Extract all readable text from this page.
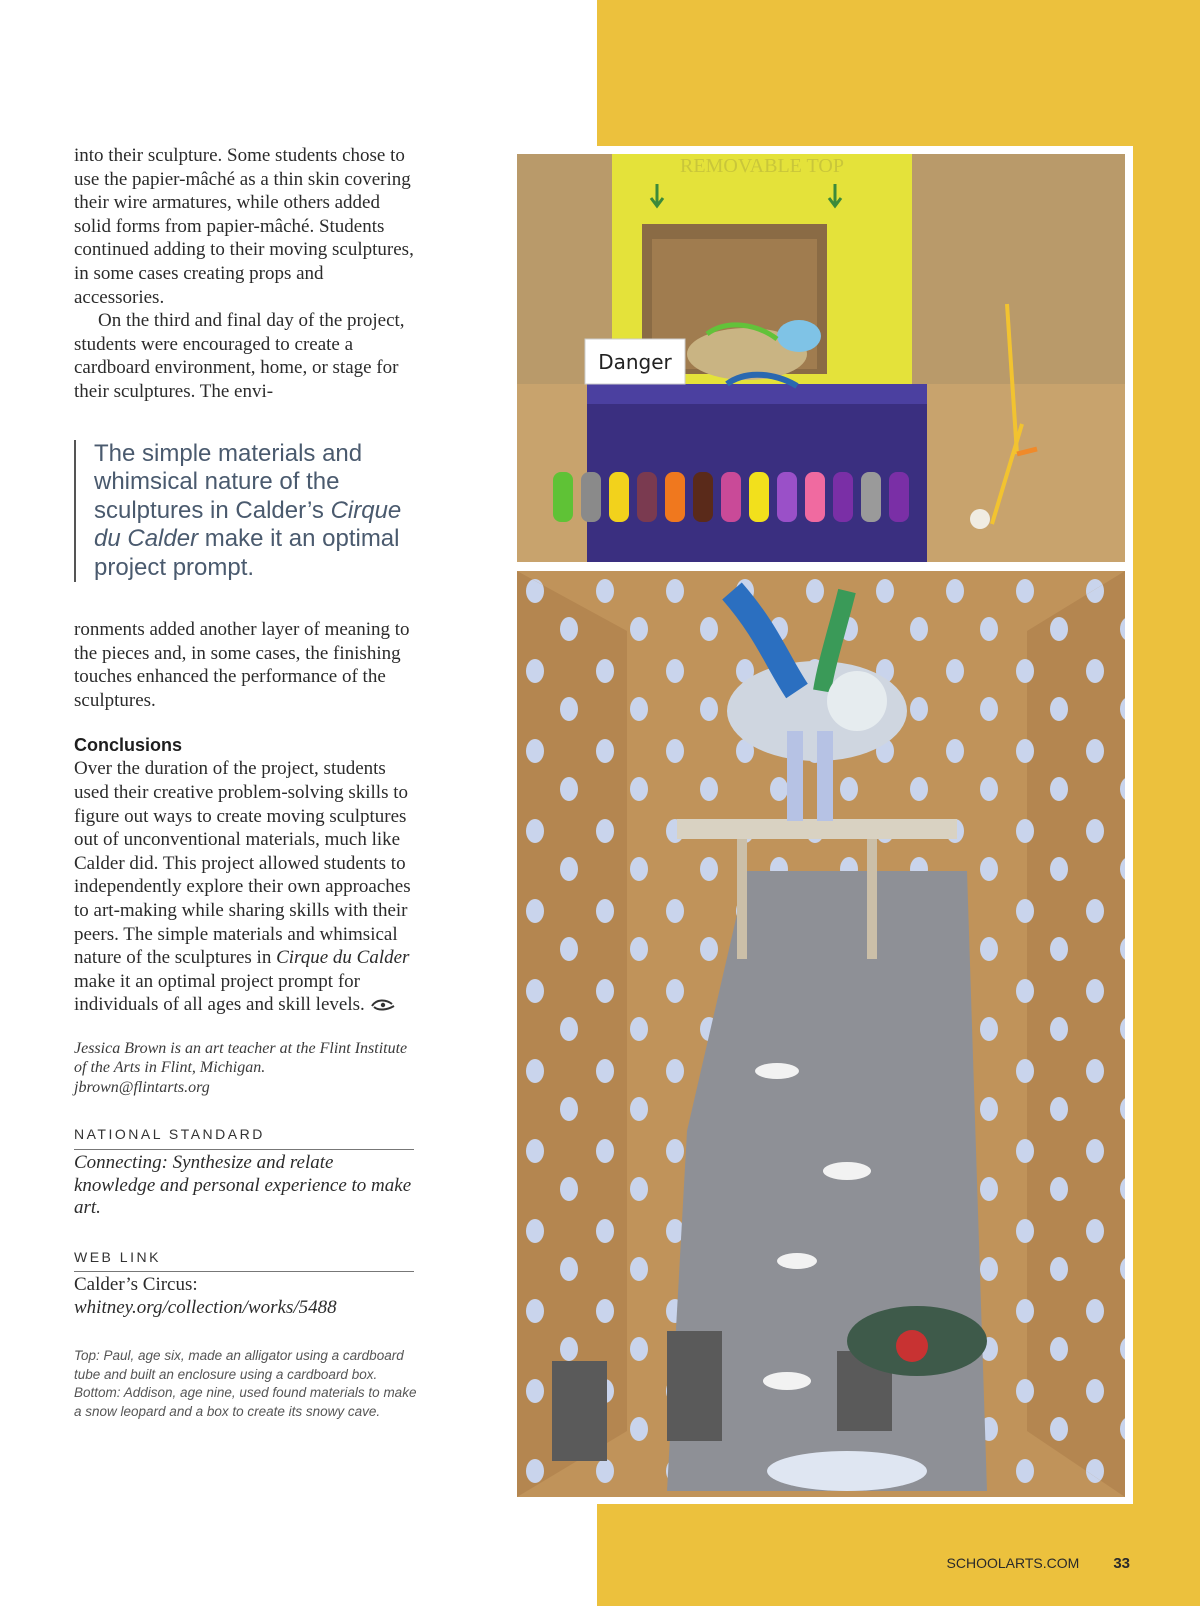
into their sculpture. Some students chose to use the papier-mâché as a thin skin covering their wire armatures, while others added solid forms from papier-mâché. Students continued adding to their moving sculptures, in some cases creating props and accessories.

On the third and final day of the project, students were encouraged to create a cardboard environment, home, or stage for their sculptures. The envi-

The simple materials and whimsical nature of the sculptures in Calder’s Cirque du Calder make it an optimal project prompt.

ronments added another layer of meaning to the pieces and, in some cases, the finishing touches enhanced the performance of the sculptures.

Conclusions

Over the duration of the project, students used their creative problem-solving skills to figure out ways to create moving sculptures out of unconventional materials, much like Calder did. This project allowed students to independently explore their own approaches to art-making while sharing skills with their peers. The simple materials and whimsical nature of the sculptures in Cirque du Calder make it an optimal project prompt for individuals of all ages and skill levels.

Jessica Brown is an art teacher at the Flint Institute of the Arts in Flint, Michigan.
jbrown@flintarts.org
NATIONAL STANDARD
Connecting: Synthesize and relate knowledge and personal experience to make art.
WEB LINK
Calder’s Circus: whitney.org/collection/works/5488
Top: Paul, age six, made an alligator using a cardboard tube and built an enclosure using a cardboard box.
Bottom: Addison, age nine, used found materials to make a snow leopard and a box to create its snowy cave.
REMOVABLE TOP
Danger
SCHOOLARTS.COM 33
